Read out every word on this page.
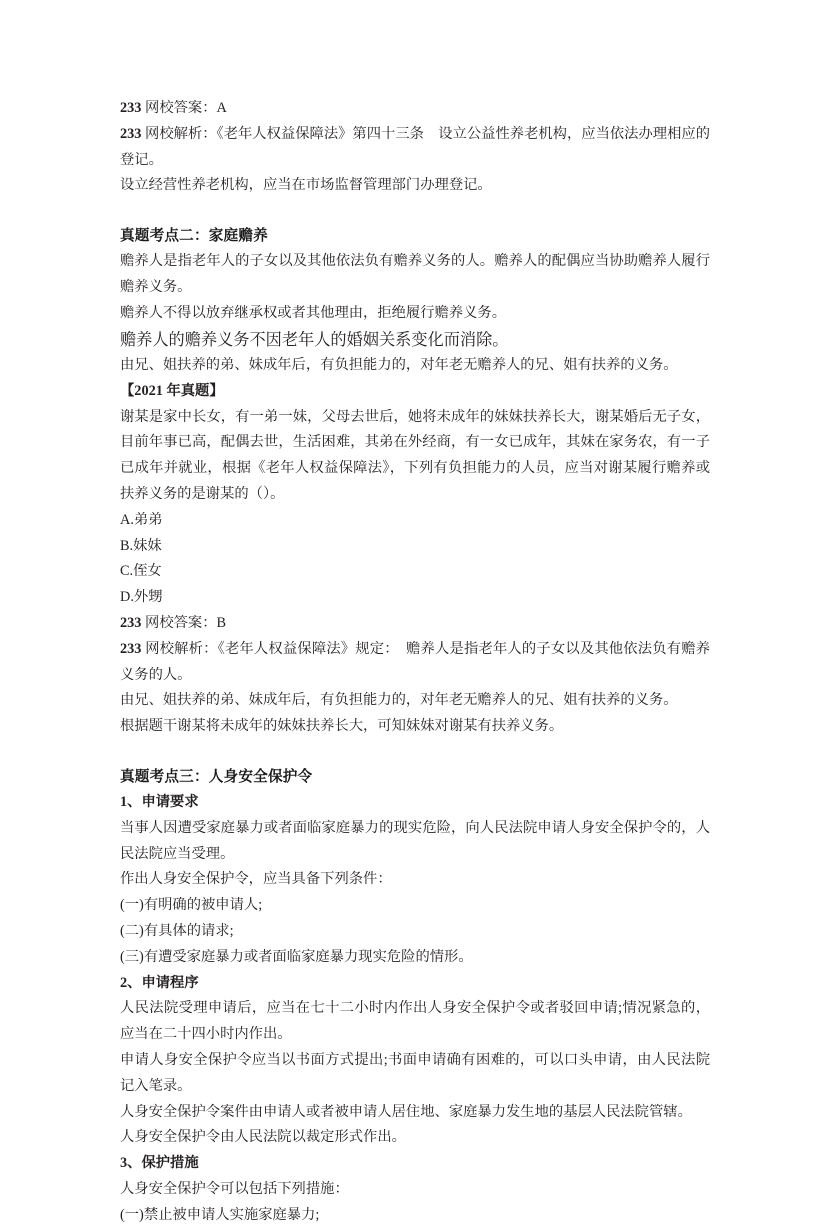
233 网校答案：A

233 网校解析：《老年人权益保障法》第四十三条　设立公益性养老机构，应当依法办理相应的登记。

设立经营性养老机构，应当在市场监督管理部门办理登记。

真题考点二：家庭赡养

赡养人是指老年人的子女以及其他依法负有赡养义务的人。赡养人的配偶应当协助赡养人履行赡养义务。

赡养人不得以放弃继承权或者其他理由，拒绝履行赡养义务。

赡养人的赡养义务不因老年人的婚姻关系变化而消除。

由兄、姐扶养的弟、妹成年后，有负担能力的，对年老无赡养人的兄、姐有扶养的义务。

【2021 年真题】

谢某是家中长女，有一弟一妹，父母去世后，她将未成年的妹妹扶养长大，谢某婚后无子女，目前年事已高，配偶去世，生活困难，其弟在外经商，有一女已成年，其妹在家务农，有一子已成年并就业，根据《老年人权益保障法》，下列有负担能力的人员，应当对谢某履行赡养或扶养义务的是谢某的（）。

A.弟弟

B.妹妹

C.侄女

D.外甥

233 网校答案：B

233 网校解析：《老年人权益保障法》规定：　赡养人是指老年人的子女以及其他依法负有赡养义务的人。

由兄、姐扶养的弟、妹成年后，有负担能力的，对年老无赡养人的兄、姐有扶养的义务。

根据题干谢某将未成年的妹妹扶养长大，可知妹妹对谢某有扶养义务。

真题考点三：人身安全保护令

1、申请要求

当事人因遭受家庭暴力或者面临家庭暴力的现实危险，向人民法院申请人身安全保护令的，人民法院应当受理。

作出人身安全保护令，应当具备下列条件：

(一)有明确的被申请人;

(二)有具体的请求;

(三)有遭受家庭暴力或者面临家庭暴力现实危险的情形。

2、申请程序

人民法院受理申请后，应当在七十二小时内作出人身安全保护令或者驳回申请;情况紧急的，应当在二十四小时内作出。

申请人身安全保护令应当以书面方式提出;书面申请确有困难的，可以口头申请，由人民法院记入笔录。

人身安全保护令案件由申请人或者被申请人居住地、家庭暴力发生地的基层人民法院管辖。

人身安全保护令由人民法院以裁定形式作出。

3、保护措施

人身安全保护令可以包括下列措施：

(一)禁止被申请人实施家庭暴力;
